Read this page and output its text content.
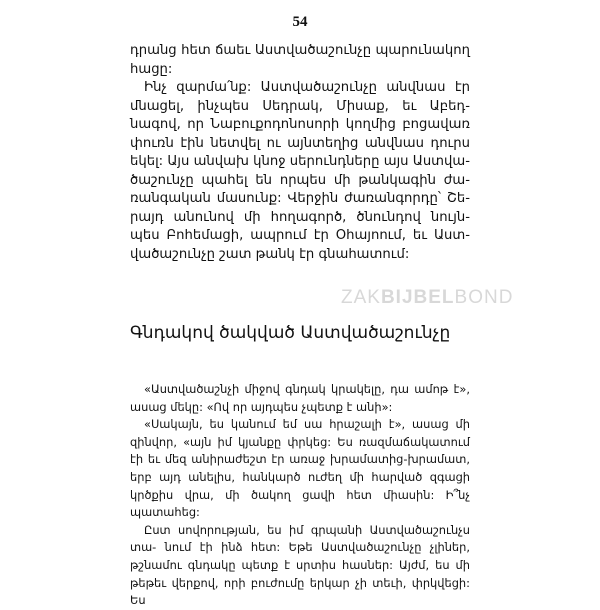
54

դրանց հետ ճաեւ Աստվածաշունչը պարունակող հացը:

Ինչ զարմա՛նք: Աստվածաշունչը անվնաս էր մնացել, ինչպես Սեդրակ, Միսաք, եւ Աբեդ- նագով, որ Նաբուքոդոնոսորի կողմից բոցավառ փուռն էին նետվել ու այնտեղից անվնաս դուրս եկել: Այս անվախ կնոջ սերունդները այս Աստվա- ծաշունչը պահել են որպես մի թանկագին ժա- ռանգական մասունք: Վերջին ժառանգորդը՝ Շե- րայդ անունով մի հողագործ, ծնունդով նույն- պես Բոհեմացի, ապրում էր Օհայոում, եւ Աստ- վածաշունչը շատ թանկ էր գնահատում:

ZAKBIJBELBOND
Գնդակով ծակված Աստվածաշունչը

«Աստվածաշնչի միջով գնդակ կրակելը, դա ամոթ է», ասաց մեկը: «Ով որ այդպես չպետք է անի»:

«Սակայն, ես կանում եմ սա հրաշալի է», ասաց մի զինվոր, «այն իմ կյանքը փրկեց: Ես ռազմաճակատում էի եւ մեզ անիրաժեշտ էր առաջ խրամատից-խրամատ, երբ այդ անելիս, հանկարծ ուժեղ մի հարված զգացի կրծքիս վրա, մի ծակող ցավի հետ միասին: Ի՞նչ պատահեց:

Ըստ սովորության, ես իմ գրպանի Աստվածաշունչս տա- նում էի ինձ հետ: Եթե Աստվածաշունչը չլիներ, թշնամու գնդակը պետք է սրտիս հասներ: Այժմ, ես մի թեթեւ վերքով, որի բուժումը երկար չի տեւի, փրկվեցի: Ես
